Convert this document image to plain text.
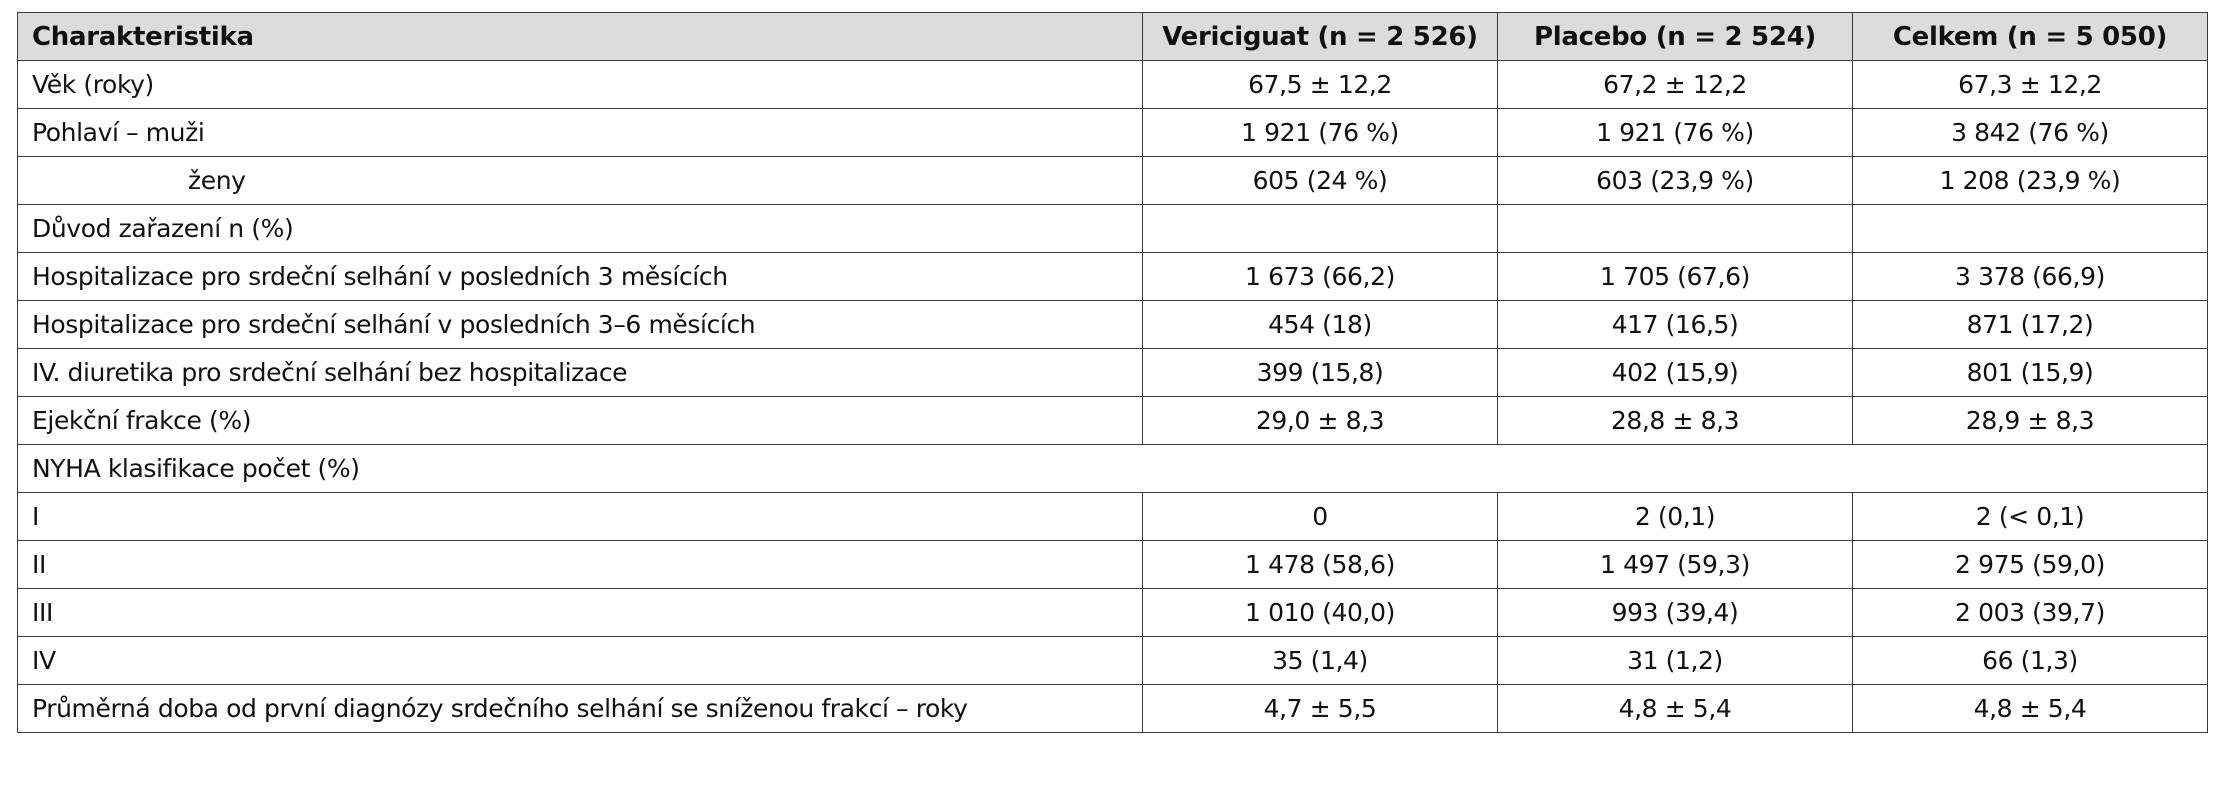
Charakteristika	Vericiguat (n = 2 526)	Placebo (n = 2 524)	Celkem (n = 5 050)
Věk (roky)	67,5 ± 12,2	67,2 ± 12,2	67,3 ± 12,2
Pohlaví – muži	1 921 (76 %)	1 921 (76 %)	3 842 (76 %)
ženy	605 (24 %)	603 (23,9 %)	1 208 (23,9 %)
Důvod zařazení n (%)			
Hospitalizace pro srdeční selhání v posledních 3 měsících	1 673 (66,2)	1 705 (67,6)	3 378 (66,9)
Hospitalizace pro srdeční selhání v posledních 3–6 měsících	454 (18)	417 (16,5)	871 (17,2)
IV. diuretika pro srdeční selhání bez hospitalizace	399 (15,8)	402 (15,9)	801 (15,9)
Ejekční frakce (%)	29,0 ± 8,3	28,8 ± 8,3	28,9 ± 8,3
NYHA klasifikace počet (%)			
I	0	2 (0,1)	2 (< 0,1)
II	1 478 (58,6)	1 497 (59,3)	2 975 (59,0)
III	1 010 (40,0)	993 (39,4)	2 003 (39,7)
IV	35 (1,4)	31 (1,2)	66 (1,3)
Průměrná doba od první diagnózy srdečního selhání se sníženou frakcí – roky	4,7 ± 5,5	4,8 ± 5,4	4,8 ± 5,4
